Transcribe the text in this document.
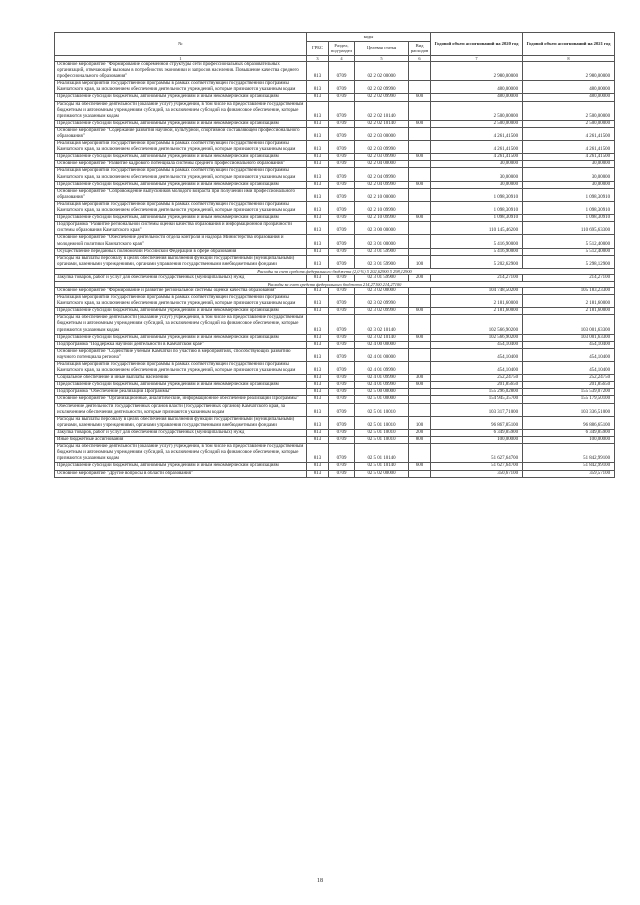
№	коды				Годовой объем ассигнований на 2020 год	Годовой объем ассигнований на 2021 год
	ГРБС	Раздел, под-раздел	Целевая статья	Вид расходов		
1	3	4	5	6	7	8
Основное мероприятие "Формирование современной структуры сети профессиональных образовательных организаций, отвечающей вызовам в потребностях экономики и запросов населения. Повышение качества среднего профессионального образования"	813	0709	02 2 02 00000		2 980,00000	2 980,00000
Реализация мероприятий государственной программы в рамках соответствующей государственной программы Камчатского края, за исключением обеспечения деятельности учреждений, которые признаются указанным кодам	813	0709	02 2 02 09990		480,00000	480,00000
Предоставление субсидий бюджетным, автономным учреждениям и иным некоммерческим организациям	813	0709	02 2 02 09990	600	480,00000	480,00000
Расходы на обеспечение деятельности (оказание услуг) учреждений, в том числе на предоставление государственным бюджетным и автономным учреждениям субсидий, за исключением субсидий на финансовое обеспечение, которые признаются указанным кодам	813	0709	02 2 02 10140		2 500,00000	2 500,00000
Предоставление субсидий бюджетным, автономным учреждениям и иным некоммерческим организациям	813	0709	02 2 02 10140	600	2 500,00000	2 500,00000
Основное мероприятие "Содержание развития научной, культурной, спортивной составляющей профессионального образования"	813	0709	02 2 03 00000		4 261,41500	4 261,41500
Реализация мероприятий государственной программы в рамках соответствующей государственной программы Камчатского края, за исключением обеспечения деятельности учреждений, которые признаются указанным кодам	813	0709	02 2 03 09990		4 261,41500	4 261,41500
Предоставление субсидий бюджетным, автономным учреждениям и иным некоммерческим организациям	813	0709	02 2 03 09990	600	4 261,41500	4 261,41500
Основное мероприятие "Развитие кадрового потенциала системы среднего профессионального образования"	813	0709	02 2 04 00000		30,00000	30,00000
Реализация мероприятий государственной программы в рамках соответствующей государственной программы Камчатского края, за исключением обеспечения деятельности учреждений, которые признаются указанным кодам	813	0709	02 2 04 09990		30,00000	30,00000
Предоставление субсидий бюджетным, автономным учреждениям и иным некоммерческим организациям	813	0709	02 2 04 09990	600	30,00000	30,00000
Основное мероприятие "Сопровождение выпускников молодого возраста при получении ими профессионального образования"	813	0709	02 2 10 00000		1 098,30910	1 098,30910
Реализация мероприятий государственной программы в рамках соответствующей государственной программы Камчатского края, за исключением обеспечения деятельности учреждений, которые признаются указанным кодам	813	0709	02 2 10 09990		1 098,30910	1 098,30910
Предоставление субсидий бюджетным, автономным учреждениям и иным некоммерческим организациям	813	0709	02 2 10 09990	600	1 098,30910	1 098,30910
Подпрограмма "Развитие региональной системы оценки качества образования и информационной прозрачности системы образования Камчатского края"	813	0709	02 3 00 00000		110 145,46200	110 695,63300
Основное мероприятие "Обеспечение деятельности отдела контроля и надзора Министерства образования и молодежной политики Камчатского края"	813	0709	02 3 01 00000		5 416,90000	5 512,40000
Осуществление переданных полномочий Российской Федерации в сфере образования	813	0709	02 3 01 59900		5 416,90000	5 512,40000
Расходы на выплаты персоналу в целях обеспечения выполнения функций государственными (муниципальными) органами, казенными учреждениями, органами управления государственными внебюджетными фондами	813	0709	02 3 01 59900	100	5 202,62900	5 298,12900
Расходы за счет средств федерального бюджета (2,0 %) 5 202,62900 5 298,12900						
Закупка товаров, работ и услуг для обеспечения государственных (муниципальных) нужд	813	0709	02 3 01 59900	200	214,27100	214,27100
Расходы за счет средств федерального бюджета 214,27100 214,27100						
Основное мероприятие "Формирование и развитие региональной системы оценки качества образования"	813	0709	02 3 02 00000		104 748,50200	105 183,23300
Реализация мероприятий государственной программы в рамках соответствующей государственной программы Камчатского края, за исключением обеспечения деятельности учреждений, которые признаются указанным кодам	813	0709	02 3 02 09990		2 181,60000	2 181,60000
Предоставление субсидий бюджетным, автономным учреждениям и иным некоммерческим организациям	813	0709	02 3 02 09990	600	2 181,60000	2 181,60000
Расходы на обеспечение деятельности (оказание услуг) учреждений, в том числе на предоставление государственным бюджетным и автономным учреждениям субсидий, за исключением субсидий на финансовое обеспечение, которые признаются указанным кодам	813	0709	02 3 02 10140		102 566,90200	103 001,63300
Предоставление субсидий бюджетным, автономным учреждениям и иным некоммерческим организациям	813	0709	02 3 02 10140	600	102 566,90200	103 001,63300
Подпрограмма "Поддержка научной деятельности в Камчатском крае"	813	0709	02 4 00 00000		454,10400	454,10400
Основное мероприятие "Содействие ученым Камчатки по участию в мероприятиях, способствующих развитию научного потенциала региона"	813	0709	02 4 01 00000		454,10400	454,10400
Реализация мероприятий государственной программы в рамках соответствующей государственной программы Камчатского края, за исключением обеспечения деятельности учреждений, которые признаются указанным кодам	813	0709	02 4 01 09990		454,10400	454,10400
Социальное обеспечение и иные выплаты населению	813	0709	02 4 01 09990	300	252,24750	252,24750
Предоставление субсидий бюджетным, автономным учреждениям и иным некоммерческим организациям	813	0709	02 4 01 09990	600	201,85650	201,85650
Подпрограмма "Обеспечение реализации Программы"	813	0709	02 5 00 00000		155 296,02800	155 539,07200
Основное мероприятие "Организационные, аналитические, информационное обеспечение реализации Программы"	813	0709	02 5 01 00000		154 945,35700	155 179,50100
Обеспечение деятельности государственных органов власти (государственных органов) Камчатского края, за исключением обеспечения деятельности, которые признаются указанным кодам	813	0709	02 5 01 10010		103 317,71000	103 336,51000
Расходы на выплаты персоналу в целях обеспечения выполнения функций государственными (муниципальными) органами, казенными учреждениями, органами управления государственными внебюджетными фондами	813	0709	02 5 01 10010	100	96 867,85100	96 886,65100
Закупка товаров, работ и услуг для обеспечения государственных (муниципальных) нужд	813	0709	02 5 01 10010	200	6 349,85900	6 349,85900
Иные бюджетные ассигнования	813	0709	02 5 01 10010	800	100,00000	100,00000
Расходы на обеспечение деятельности (оказание услуг) учреждений, в том числе на предоставление государственным бюджетным и автономным учреждениям субсидий, за исключением субсидий на финансовое обеспечение, которые признаются указанным кодам	813	0709	02 5 01 10140		51 627,64700	51 842,99100
Предоставление субсидий бюджетным, автономным учреждениям и иным некоммерческим организациям	813	0709	02 5 01 10140	600	51 627,64700	51 842,99100
Основное мероприятие "Другие вопросы в области образования"	813	0709	02 5 02 00000		350,67100	359,57100
18
